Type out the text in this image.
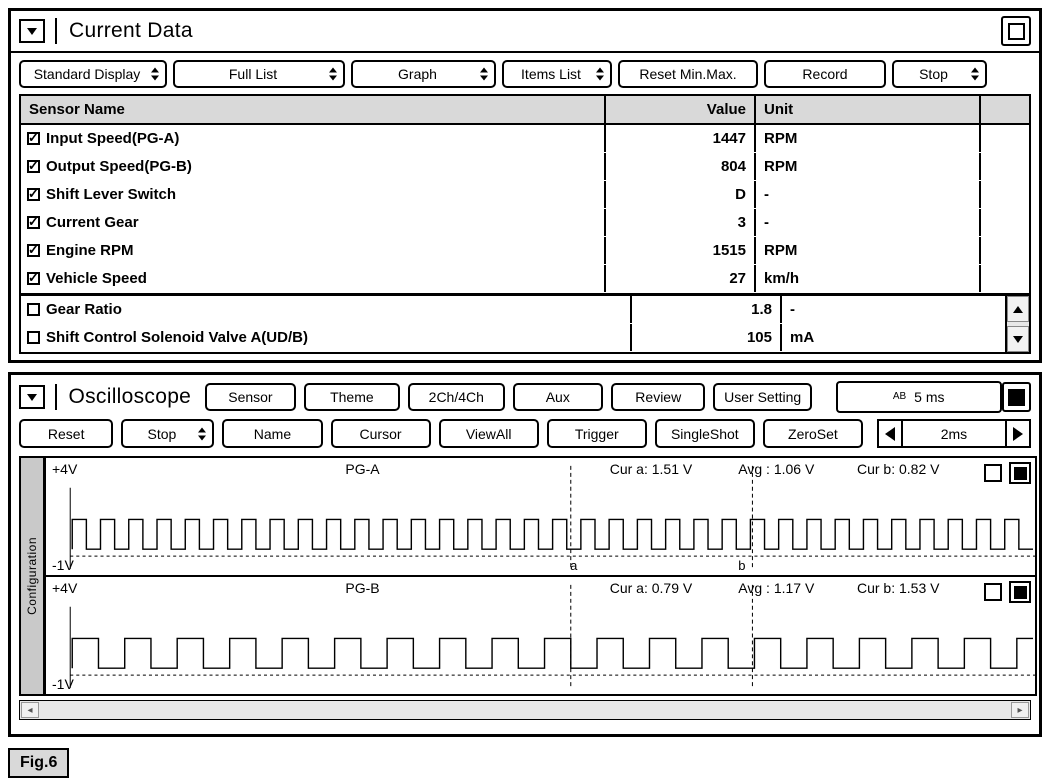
Current Data
Standard Display	Full List	Graph	Items List	Reset Min.Max.	Record	Stop
Sensor Name	Value	Unit
✓ Input Speed(PG-A)	1447	RPM
✓ Output Speed(PG-B)	804	RPM
✓ Shift Lever Switch	D	-
✓ Current Gear	3	-
✓ Engine RPM	1515	RPM
✓ Vehicle Speed	27	km/h
Gear Ratio	1.8	-
Shift Control Solenoid Valve A(UD/B)	105	mA
Oscilloscope	Sensor	Theme	2Ch/4Ch	Aux	Review	User Setting	AB 5 ms
Reset	Stop	Name	Cursor	ViewAll	Trigger	SingleShot	ZeroSet	2ms
Configuration
+4V
-1V
PG-A	Cur a: 1.51 V	Avg : 1.06 V	Cur b: 0.82 V
a	b
+4V
-1V
PG-B	Cur a: 0.79 V	Avg : 1.17 V	Cur b: 1.53 V
◂	▸
Fig.6
